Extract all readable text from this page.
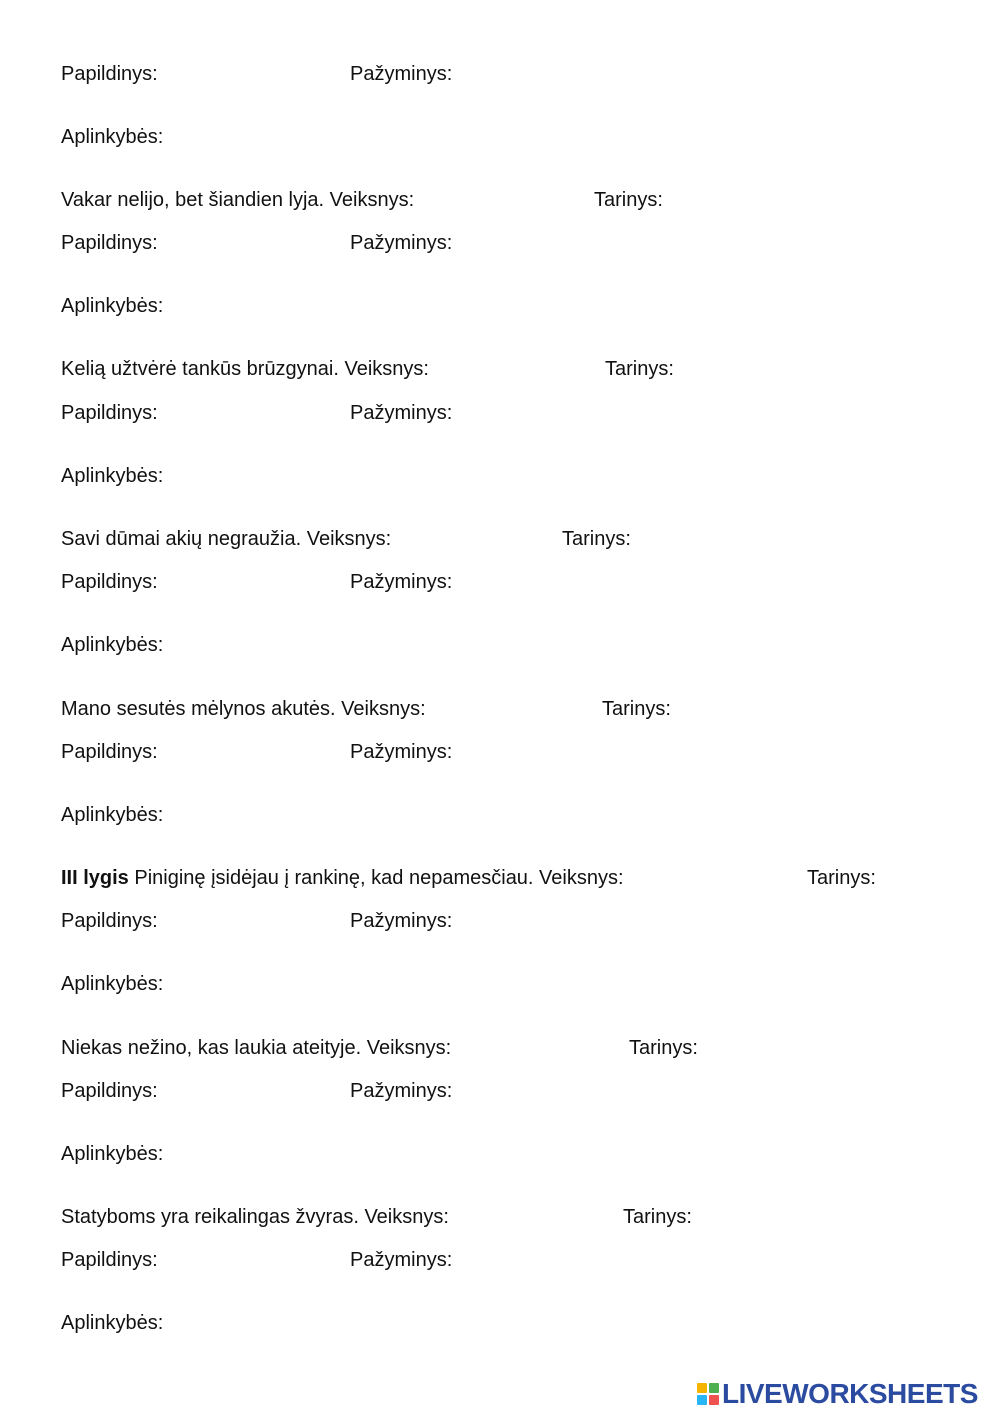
Papildinys:	Pažyminys:
Aplinkybės:
Vakar nelijo, bet šiandien lyja. Veiksnys:	Tarinys:
Papildinys:	Pažyminys:
Aplinkybės:
Kelią užtvėrė tankūs brūzgynai. Veiksnys:	Tarinys:
Papildinys:	Pažyminys:
Aplinkybės:
Savi dūmai akių negraužia. Veiksnys:	Tarinys:
Papildinys:	Pažyminys:
Aplinkybės:
Mano sesutės mėlynos akutės. Veiksnys:	Tarinys:
Papildinys:	Pažyminys:
Aplinkybės:
III lygis Piniginę įsidėjau į rankinę, kad nepamesčiau. Veiksnys:	Tarinys:
Papildinys:	Pažyminys:
Aplinkybės:
Niekas nežino, kas laukia ateityje. Veiksnys:	Tarinys:
Papildinys:	Pažyminys:
Aplinkybės:
Statyboms yra reikalingas žvyras. Veiksnys:	Tarinys:
Papildinys:	Pažyminys:
Aplinkybės:
LIVEWORKSHEETS
